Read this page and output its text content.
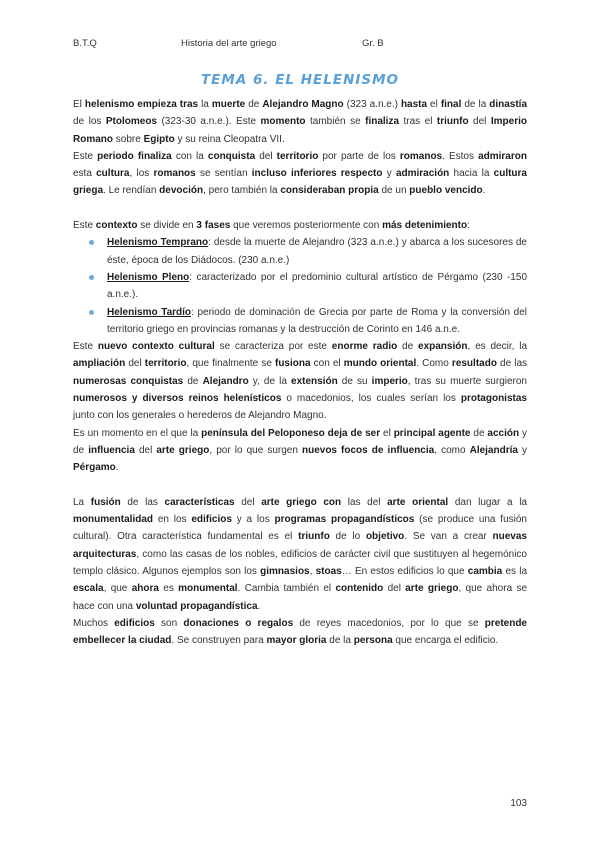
B.T.Q	Historia del arte griego	Gr. B
TEMA 6. EL HELENISMO

El helenismo empieza tras la muerte de Alejandro Magno (323 a.n.e.) hasta el final de la dinastía de los Ptolomeos (323-30 a.n.e.). Este momento también se finaliza tras el triunfo del Imperio Romano sobre Egipto y su reina Cleopatra VII.

Este periodo finaliza con la conquista del territorio por parte de los romanos. Estos admiraron esta cultura, los romanos se sentían incluso inferiores respecto y admiración hacia la cultura griega. Le rendían devoción, pero también la consideraban propia de un pueblo vencido.

Este contexto se divide en 3 fases que veremos posteriormente con más detenimiento:

Helenismo Temprano: desde la muerte de Alejandro (323 a.n.e.) y abarca a los sucesores de éste, época de los Diádocos. (230 a.n.e.)
Helenismo Pleno: caracterizado por el predominio cultural artístico de Pérgamo (230 -150 a.n.e.).
Helenismo Tardío: periodo de dominación de Grecia por parte de Roma y la conversión del territorio griego en provincias romanas y la destrucción de Corinto en 146 a.n.e.

Este nuevo contexto cultural se caracteriza por este enorme radio de expansión, es decir, la ampliación del territorio, que finalmente se fusiona con el mundo oriental. Como resultado de las numerosas conquistas de Alejandro y, de la extensión de su imperio, tras su muerte surgieron numerosos y diversos reinos helenísticos o macedonios, los cuales serían los protagonistas junto con los generales o herederos de Alejandro Magno.

Es un momento en el que la península del Peloponeso deja de ser el principal agente de acción y de influencia del arte griego, por lo que surgen nuevos focos de influencia, como Alejandría y Pérgamo.

La fusión de las características del arte griego con las del arte oriental dan lugar a la monumentalidad en los edificios y a los programas propagandísticos (se produce una fusión cultural). Otra característica fundamental es el triunfo de lo objetivo. Se van a crear nuevas arquitecturas, como las casas de los nobles, edificios de carácter civil que sustituyen al hegemónico templo clásico. Algunos ejemplos son los gimnasios, stoas… En estos edificios lo que cambia es la escala, que ahora es monumental. Cambia también el contenido del arte griego, que ahora se hace con una voluntad propagandística.

Muchos edificios son donaciones o regalos de reyes macedonios, por lo que se pretende embellecer la ciudad. Se construyen para mayor gloria de la persona que encarga el edificio.

103
